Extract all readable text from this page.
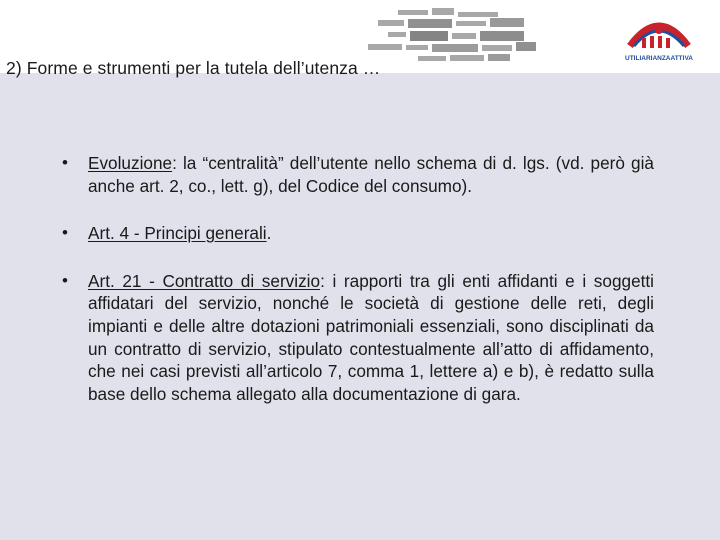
UTILIARIANZAATTIVA
2) Forme e strumenti per la tutela dell’utenza …
• Evoluzione: la “centralità” dell’utente nello schema di d. lgs. (vd. però già anche art. 2, co., lett. g), del Codice del consumo).
• Art. 4 - Principi generali.
• Art. 21 - Contratto di servizio: i rapporti tra gli enti affidanti e i soggetti affidatari del servizio, nonché le società di gestione delle reti, degli impianti e delle altre dotazioni patrimoniali essenziali, sono disciplinati da un contratto di servizio, stipulato contestualmente all’atto di affidamento, che nei casi previsti all’articolo 7, comma 1, lettere a) e b), è redatto sulla base dello schema allegato alla documentazione di gara.
